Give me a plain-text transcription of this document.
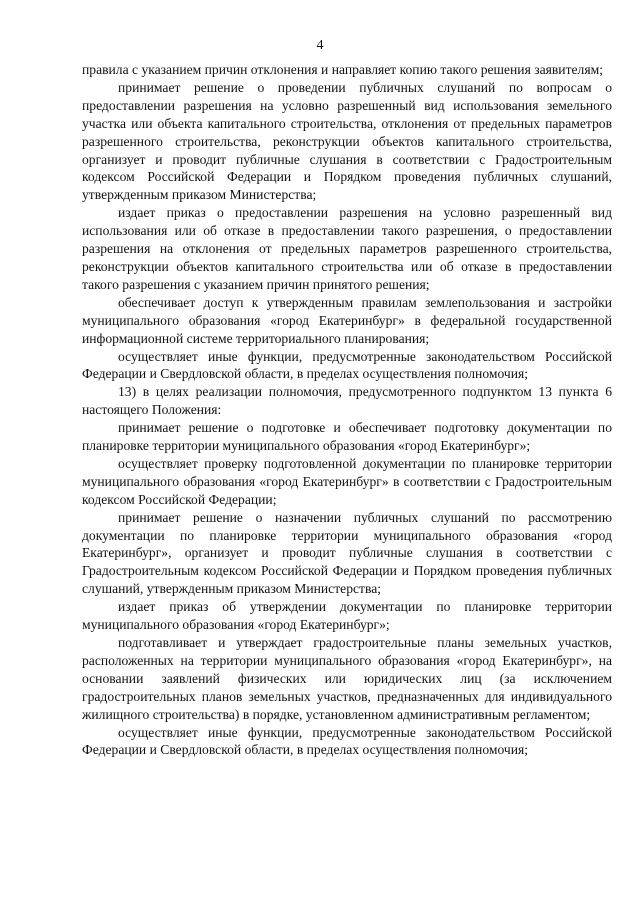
4

правила с указанием причин отклонения и направляет копию такого решения заявителям;

принимает решение о проведении публичных слушаний по вопросам о предоставлении разрешения на условно разрешенный вид использования земельного участка или объекта капитального строительства, отклонения от предельных параметров разрешенного строительства, реконструкции объектов капитального строительства, организует и проводит публичные слушания в соответствии с Градостроительным кодексом Российской Федерации и Порядком проведения публичных слушаний, утвержденным приказом Министерства;

издает приказ о предоставлении разрешения на условно разрешенный вид использования или об отказе в предоставлении такого разрешения, о предоставлении разрешения на отклонения от предельных параметров разрешенного строительства, реконструкции объектов капитального строительства или об отказе в предоставлении такого разрешения с указанием причин принятого решения;

обеспечивает доступ к утвержденным правилам землепользования и застройки муниципального образования «город Екатеринбург» в федеральной государственной информационной системе территориального планирования;

осуществляет иные функции, предусмотренные законодательством Российской Федерации и Свердловской области, в пределах осуществления полномочия;

13) в целях реализации полномочия, предусмотренного подпунктом 13 пункта 6 настоящего Положения:

принимает решение о подготовке и обеспечивает подготовку документации по планировке территории муниципального образования «город Екатеринбург»;

осуществляет проверку подготовленной документации по планировке территории муниципального образования «город Екатеринбург» в соответствии с Градостроительным кодексом Российской Федерации;

принимает решение о назначении публичных слушаний по рассмотрению документации по планировке территории муниципального образования «город Екатеринбург», организует и проводит публичные слушания в соответствии с Градостроительным кодексом Российской Федерации и Порядком проведения публичных слушаний, утвержденным приказом Министерства;

издает приказ об утверждении документации по планировке территории муниципального образования «город Екатеринбург»;

подготавливает и утверждает градостроительные планы земельных участков, расположенных на территории муниципального образования «город Екатеринбург», на основании заявлений физических или юридических лиц (за исключением градостроительных планов земельных участков, предназначенных для индивидуального жилищного строительства) в порядке, установленном административным регламентом;

осуществляет иные функции, предусмотренные законодательством Российской Федерации и Свердловской области, в пределах осуществления полномочия;
